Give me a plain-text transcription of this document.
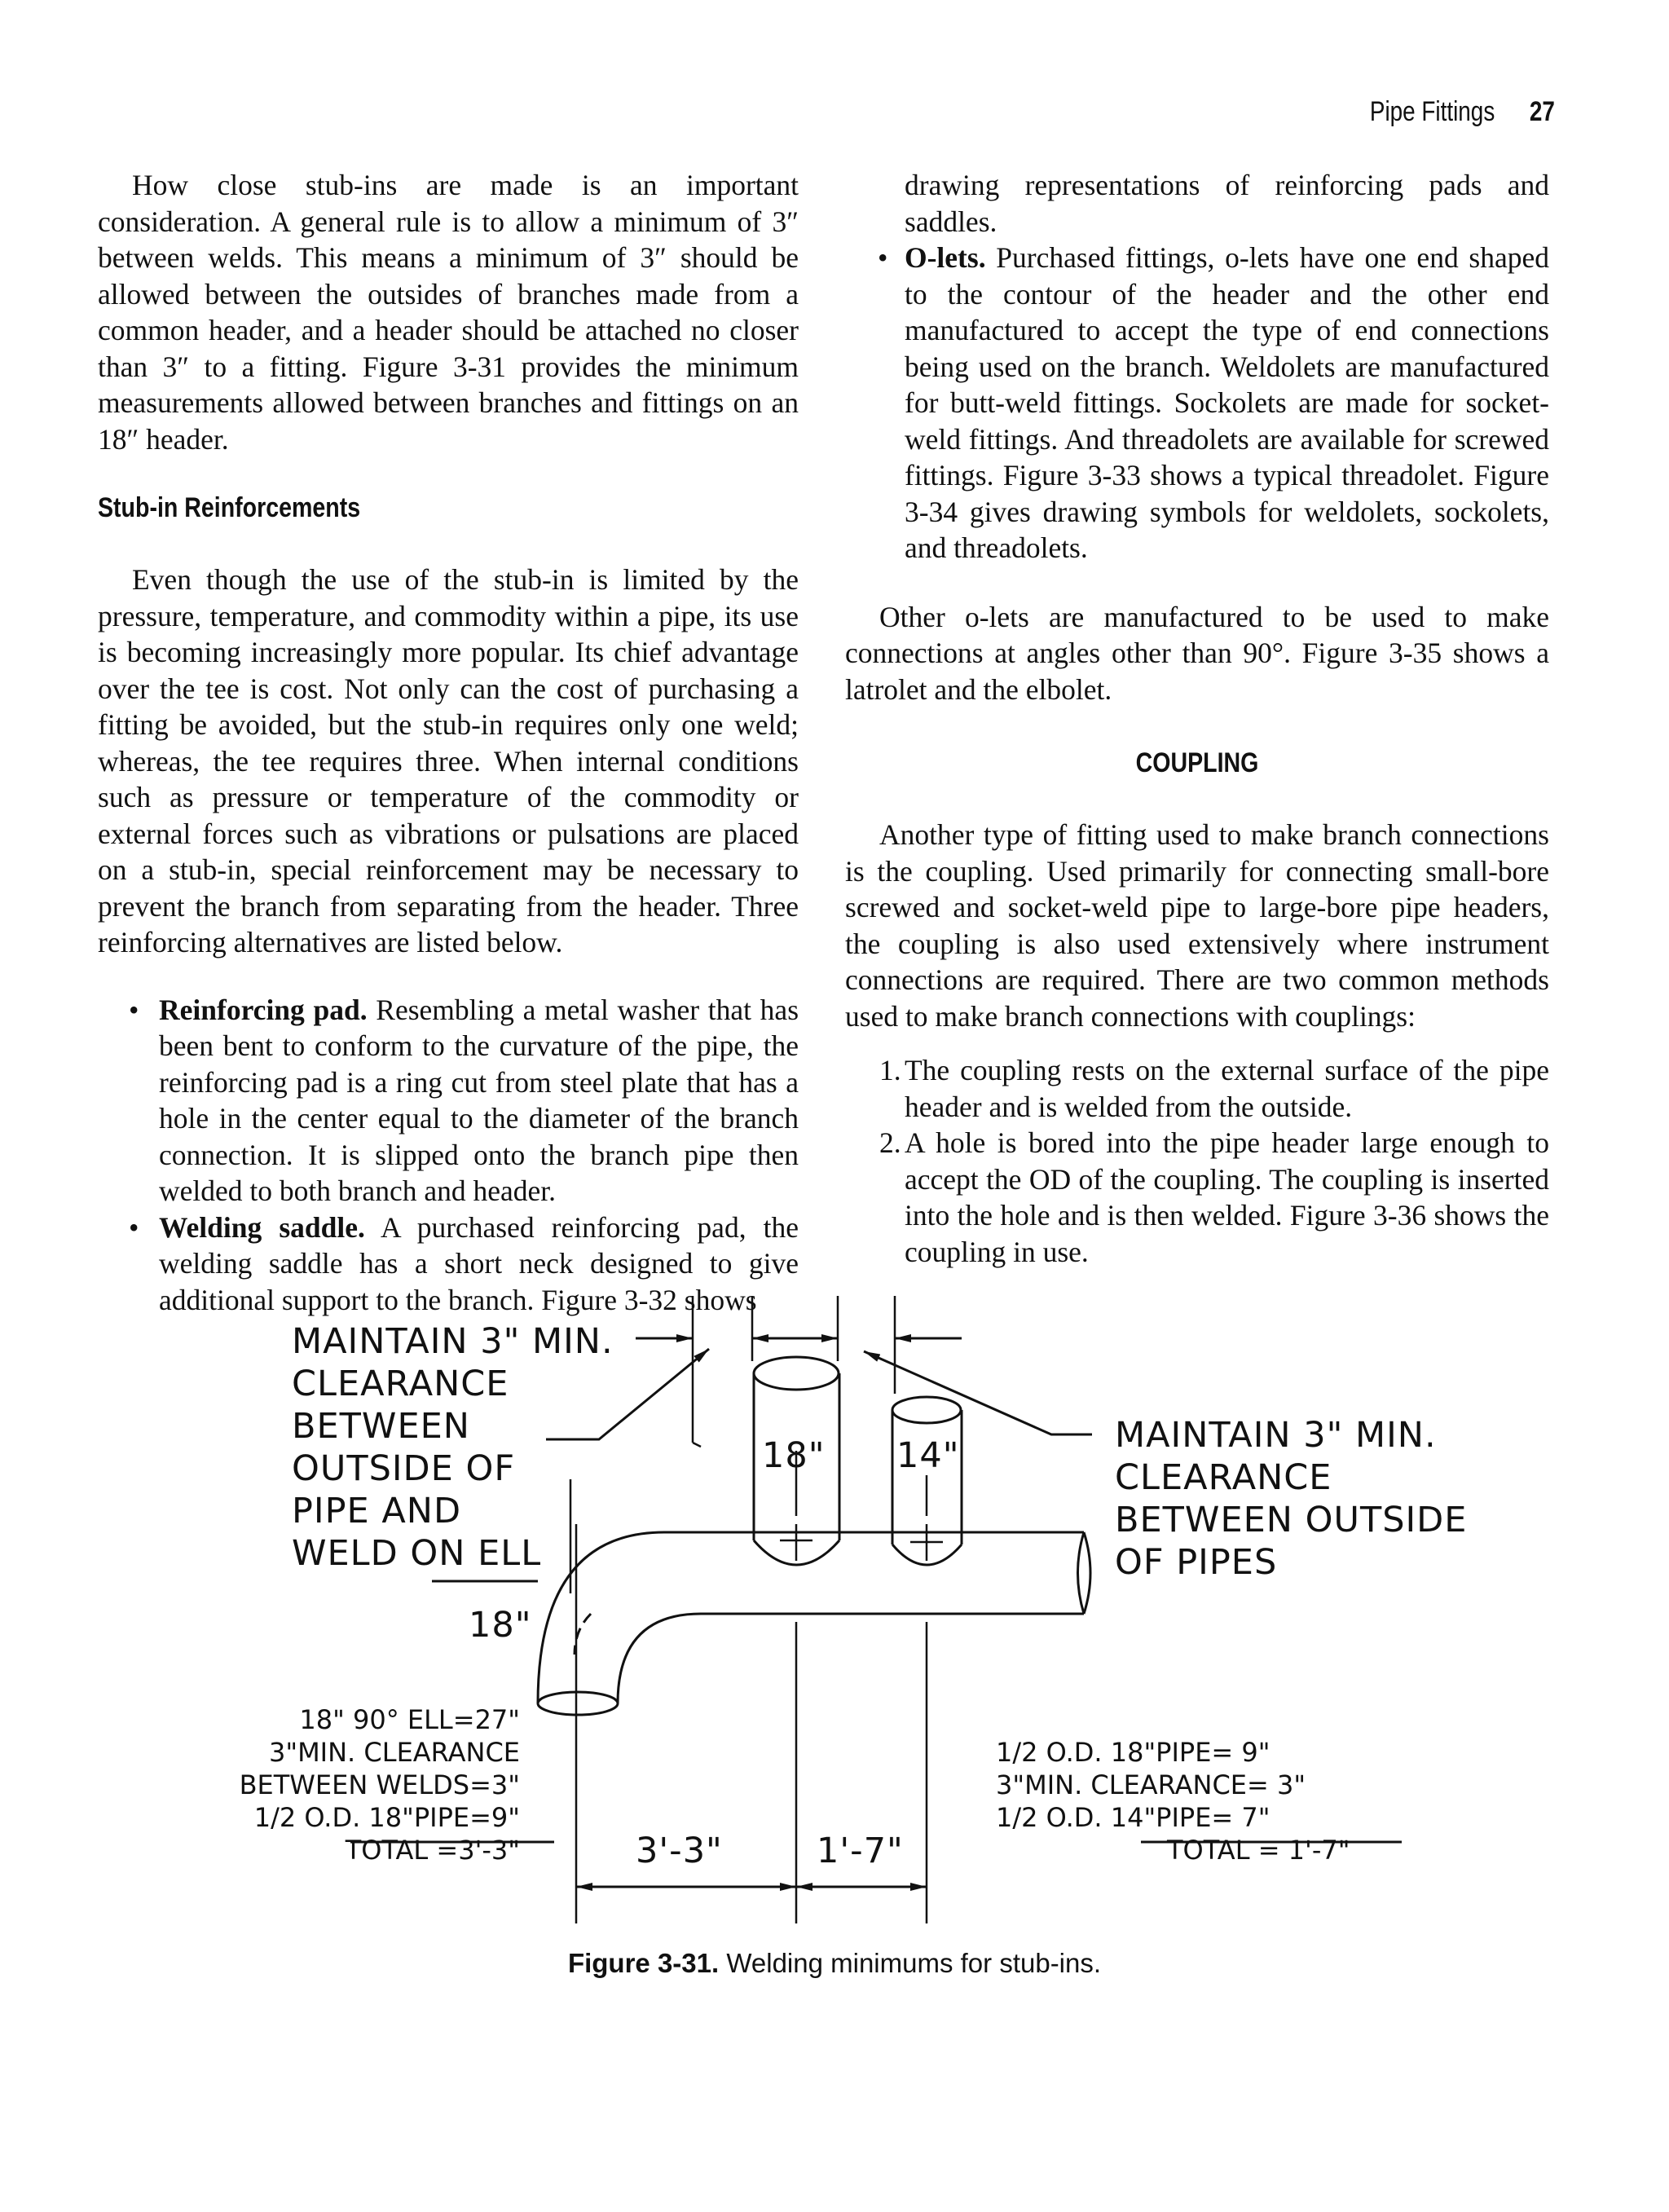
Pipe Fittings 27

How close stub-ins are made is an important consideration. A general rule is to allow a minimum of 3″ between welds. This means a minimum of 3″ should be allowed between the outsides of branches made from a common header, and a header should be attached no closer than 3″ to a fitting. Figure 3-31 provides the minimum measurements allowed between branches and fittings on an 18″ header.

Stub-in Reinforcements

Even though the use of the stub-in is limited by the pressure, temperature, and commodity within a pipe, its use is becoming increasingly more popular. Its chief advantage over the tee is cost. Not only can the cost of purchasing a fitting be avoided, but the stub-in requires only one weld; whereas, the tee requires three. When internal conditions such as pressure or temperature of the commodity or external forces such as vibrations or pulsations are placed on a stub-in, special reinforcement may be necessary to prevent the branch from separating from the header. Three reinforcing alternatives are listed below.

• Reinforcing pad. Resembling a metal washer that has been bent to conform to the curvature of the pipe, the reinforcing pad is a ring cut from steel plate that has a hole in the center equal to the diameter of the branch connection. It is slipped onto the branch pipe then welded to both branch and header.
• Welding saddle. A purchased reinforcing pad, the welding saddle has a short neck designed to give additional support to the branch. Figure 3-32 shows

drawing representations of reinforcing pads and saddles.

• O-lets. Purchased fittings, o-lets have one end shaped to the contour of the header and the other end manufactured to accept the type of end connections being used on the branch. Weldolets are manufactured for butt-weld fittings. Sockolets are made for socket-weld fittings. And threadolets are available for screwed fittings. Figure 3-33 shows a typical threadolet. Figure 3-34 gives drawing symbols for weldolets, sockolets, and threadolets.

Other o-lets are manufactured to be used to make connections at angles other than 90°. Figure 3-35 shows a latrolet and the elbolet.

COUPLING

Another type of fitting used to make branch connections is the coupling. Used primarily for connecting small-bore screwed and socket-weld pipe to large-bore pipe headers, the coupling is also used extensively where instrument connections are required. There are two common methods used to make branch connections with couplings:

1. The coupling rests on the external surface of the pipe header and is welded from the outside.
2. A hole is bored into the pipe header large enough to accept the OD of the coupling. The coupling is inserted into the hole and is then welded. Figure 3-36 shows the coupling in use.
MAINTAIN 3" MIN.
CLEARANCE
BETWEEN
OUTSIDE OF
PIPE AND
WELD ON ELL
MAINTAIN 3" MIN.
CLEARANCE
BETWEEN OUTSIDE
OF PIPES
18"
18" 14"
18" 90° ELL=27"
3"MIN. CLEARANCE
BETWEEN WELDS=3"
1/2 O.D. 18"PIPE=9"
TOTAL =3'-3"
1/2 O.D. 18"PIPE= 9"
3"MIN. CLEARANCE= 3"
1/2 O.D. 14"PIPE= 7"
TOTAL = 1'-7"
3'-3"	1'-7"
Figure 3-31. Welding minimums for stub-ins.
